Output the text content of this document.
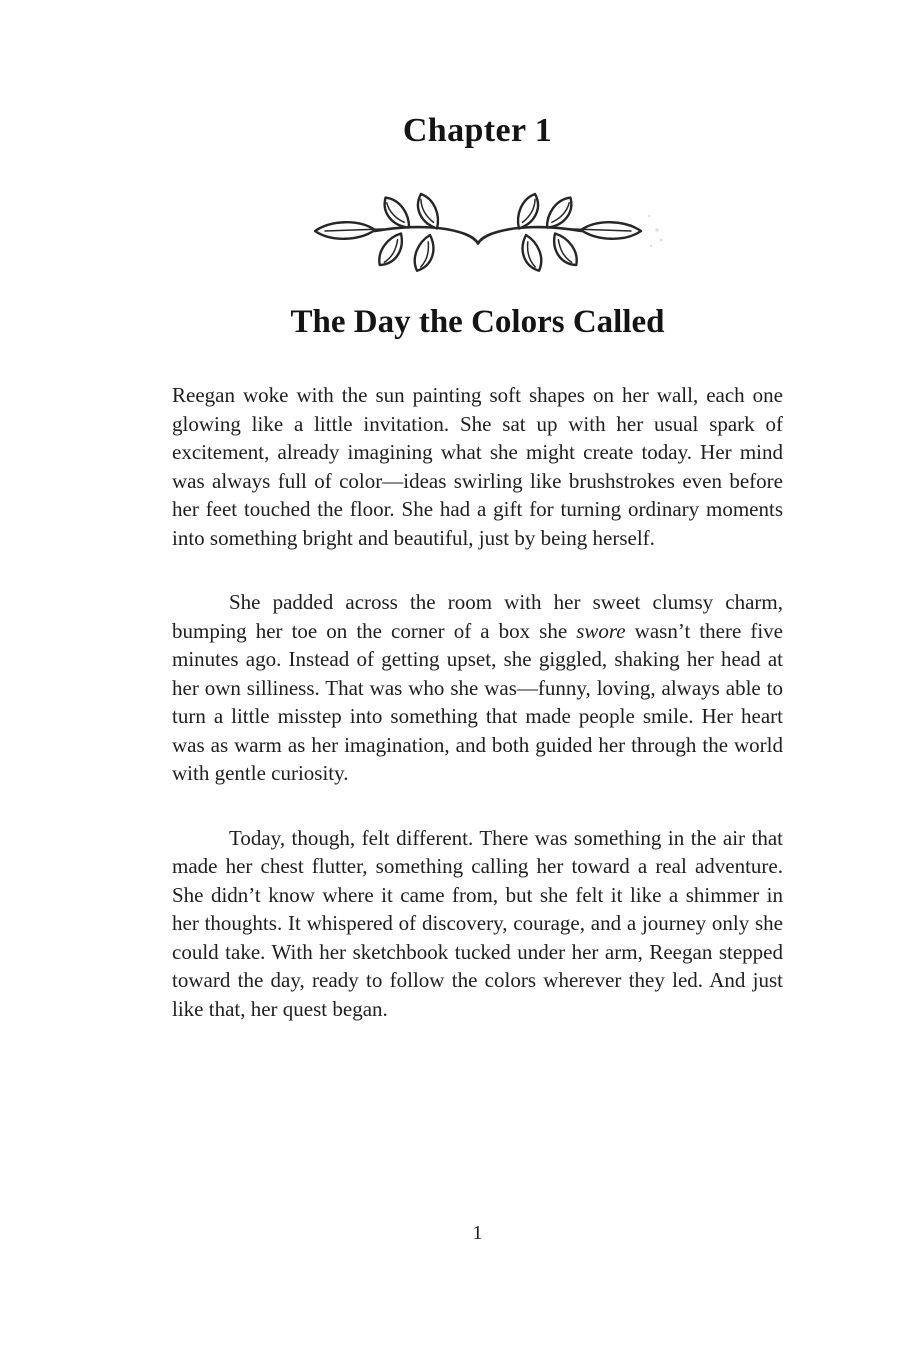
Chapter 1
The Day the Colors Called

Reegan woke with the sun painting soft shapes on her wall, each one glowing like a little invitation. She sat up with her usual spark of excitement, already imagining what she might create today. Her mind was always full of color—ideas swirling like brushstrokes even before her feet touched the floor. She had a gift for turning ordinary moments into something bright and beautiful, just by being herself.

She padded across the room with her sweet clumsy charm, bumping her toe on the corner of a box she swore wasn’t there five minutes ago. Instead of getting upset, she giggled, shaking her head at her own silliness. That was who she was—funny, loving, always able to turn a little misstep into something that made people smile. Her heart was as warm as her imagination, and both guided her through the world with gentle curiosity.

Today, though, felt different. There was something in the air that made her chest flutter, something calling her toward a real adventure. She didn’t know where it came from, but she felt it like a shimmer in her thoughts. It whispered of discovery, courage, and a journey only she could take. With her sketchbook tucked under her arm, Reegan stepped toward the day, ready to follow the colors wherever they led. And just like that, her quest began.

1
